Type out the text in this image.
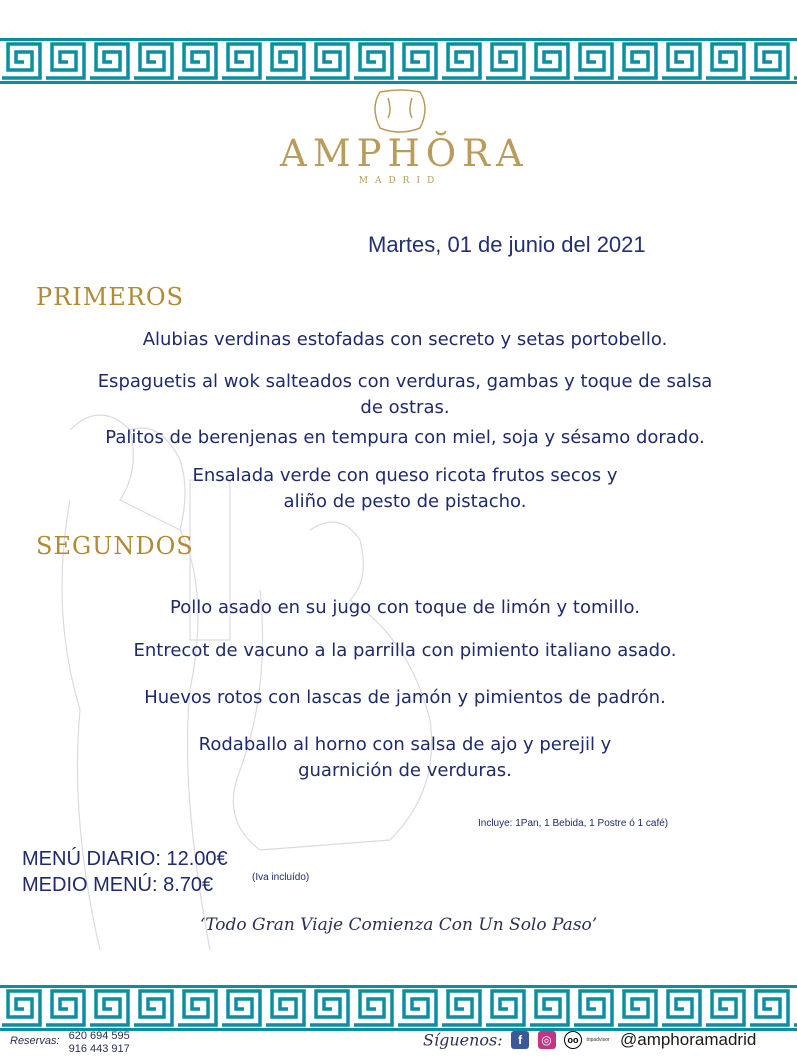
AMPHŎRA
MADRID
Martes, 01 de junio del 2021
PRIMEROS
Alubias verdinas estofadas con secreto y setas portobello.
Espaguetis al wok salteados con verduras, gambas y toque de salsa
de ostras.
Palitos de berenjenas en tempura con miel, soja y sésamo dorado.
Ensalada verde con queso ricota frutos secos y
aliño de pesto de pistacho.
SEGUNDOS
Pollo asado en su jugo con toque de limón y tomillo.
Entrecot de vacuno a la parrilla con pimiento italiano asado.
Huevos rotos con lascas de jamón y pimientos de padrón.
Rodaballo al horno con salsa de ajo y perejil y
guarnición de verduras.
Incluye: 1Pan, 1 Bebida, 1 Postre ó 1 café)
MENÚ DIARIO: 12.00€
MEDIO MENÚ: 8.70€	(Iva incluído)
‘Todo Gran Viaje Comienza Con Un Solo Paso’
Reservas: 620 694 595
916 443 917	Síguenos: f ◎ oo tripadvisor @amphoramadrid
